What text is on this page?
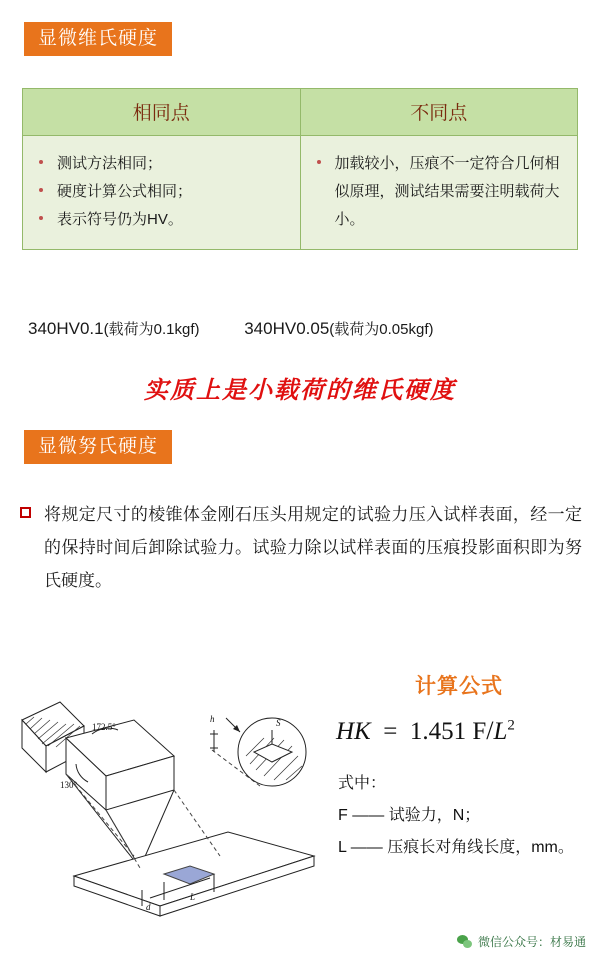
显微维氏硬度
相同点	不同点

测试方法相同；
硬度计算公式相同；
表示符号仍为HV。

加载较小，压痕不一定符合几何相似原理，测试结果需要注明载荷大小。
340HV0.1(载荷为0.1kgf)	340HV0.05(载荷为0.05kgf)
实质上是小载荷的维氏硬度
显微努氏硬度
将规定尺寸的棱锥体金刚石压头用规定的试验力压入试样表面，经一定的保持时间后卸除试验力。试验力除以试样表面的压痕投影面积即为努氏硬度。
172.5°
130°
h	S
d
L
计算公式
HK = 1.451 $F/L^2$
式中：
F —— 试验力，N；
L —— 压痕长对角线长度，mm。
微信公众号：材易通
